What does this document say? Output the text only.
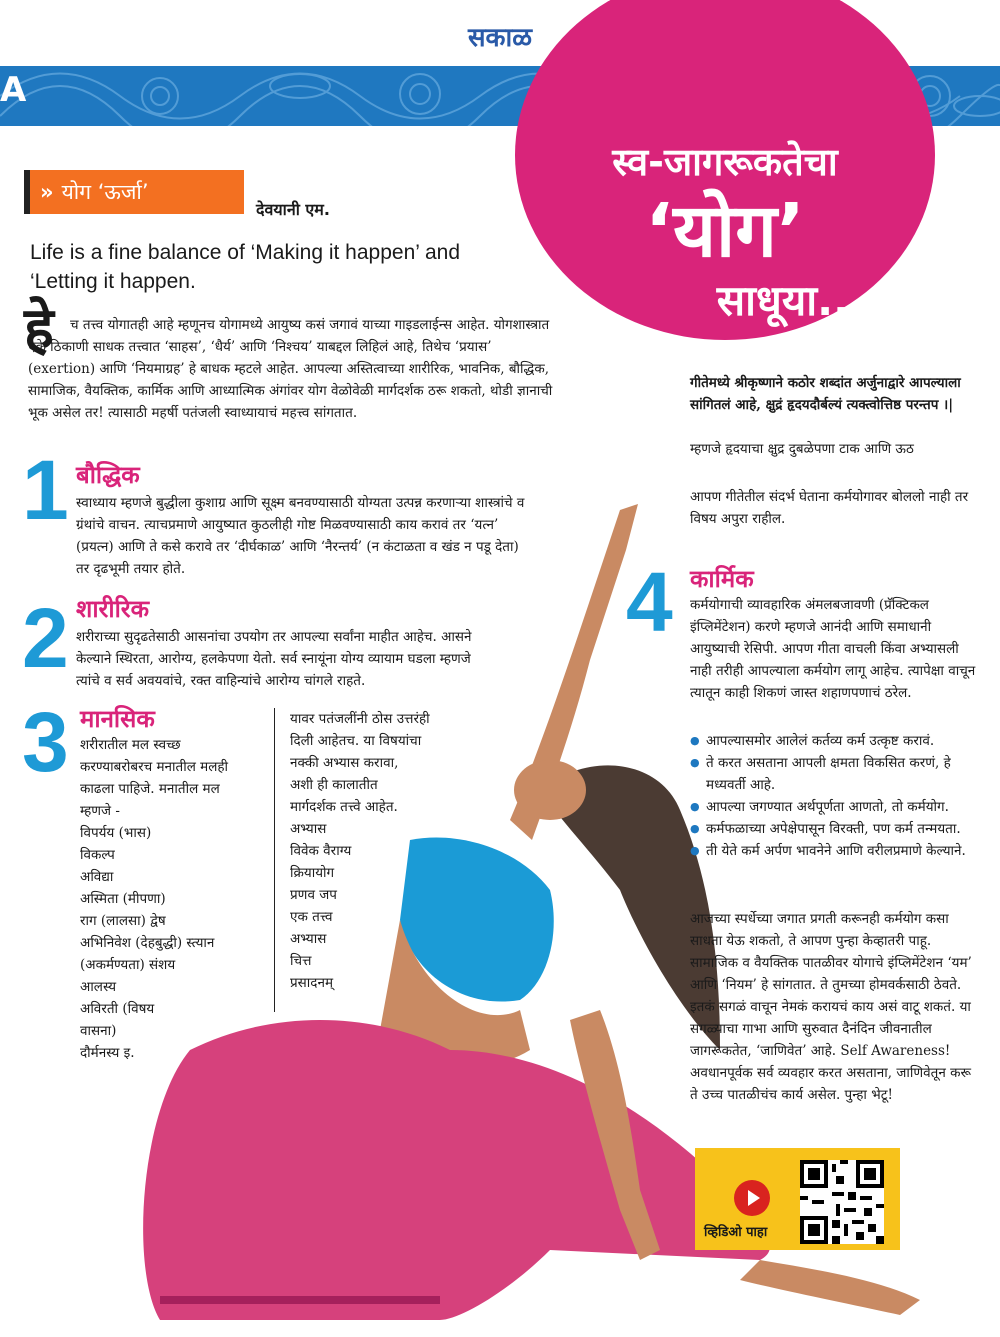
सकाळ
A
स्व-जागरूकतेचा
‘योग’
साधूया...
» योग ‘ऊर्जा’
देवयानी एम.
Life is a fine balance of ‘Making it happen’ and ‘Letting it happen.
हे	च तत्त्व योगातही आहे म्हणूनच योगामध्ये आयुष्य कसं जगावं याच्या गाइडलाईन्स आहेत. योगशास्त्रात एके ठिकाणी साधक तत्त्वात ‘साहस’, ‘धैर्य’ आणि ‘निश्चय’ याबद्दल लिहिलं आहे, तिथेच ‘प्रयास’ (exertion) आणि ‘नियमाग्रह’ हे बाधक म्हटले आहेत. आपल्या अस्तित्वाच्या शारीरिक, भावनिक, बौद्धिक, सामाजिक, वैयक्तिक, कार्मिक आणि आध्यात्मिक अंगांवर योग वेळोवेळी मार्गदर्शक ठरू शकतो, थोडी ज्ञानाची भूक असेल तर! त्यासाठी महर्षी पतंजली स्वाध्यायाचं महत्त्व सांगतात.
1 बौद्धिक
स्वाध्याय म्हणजे बुद्धीला कुशाग्र आणि सूक्ष्म बनवण्यासाठी योग्यता उत्पन्न करणाऱ्या शास्त्रांचे व ग्रंथांचे वाचन. त्याचप्रमाणे आयुष्यात कुठलीही गोष्ट मिळवण्यासाठी काय करावं तर ‘यत्न’ (प्रयत्न) आणि ते कसे करावे तर ‘दीर्घकाळ’ आणि ‘नैरन्तर्य’ (न कंटाळता व खंड न पडू देता) तर दृढभूमी तयार होते.
2 शारीरिक
शरीराच्या सुदृढतेसाठी आसनांचा उपयोग तर आपल्या सर्वांना माहीत आहेच. आसने केल्याने स्थिरता, आरोग्य, हलकेपणा येतो. सर्व स्नायूंना योग्य व्यायाम घडला म्हणजे त्यांचे व सर्व अवयवांचे, रक्त वाहिन्यांचे आरोग्य चांगले राहते.
3 मानसिक
शरीरातील मल स्वच्छ
करण्याबरोबरच मनातील मलही
काढला पाहिजे. मनातील मल
म्हणजे -
विपर्यय (भास)
विकल्प
अविद्या
अस्मिता (मीपणा)
राग (लालसा) द्वेष
अभिनिवेश (देहबुद्धी) स्त्यान
(अकर्मण्यता) संशय
आलस्य
अविरती (विषय
वासना)
दौर्मनस्य इ.
यावर पतंजलींनी ठोस उत्तरंही
दिली आहेतच. या विषयांचा
नक्की अभ्यास करावा,
अशी ही कालातीत
मार्गदर्शक तत्त्वे आहेत.
अभ्यास
विवेक वैराग्य
क्रियायोग
प्रणव जप
एक तत्त्व
अभ्यास
चित्त
प्रसादनम्
गीतेमध्ये श्रीकृष्णाने कठोर शब्दांत अर्जुनाद्वारे आपल्याला सांगितलं आहे, क्षुद्रं हृदयदौर्बल्यं त्यक्त्वोत्तिष्ठ परन्तप ।|
म्हणजे हृदयाचा क्षुद्र दुबळेपणा टाक आणि ऊठ
आपण गीतेतील संदर्भ घेताना कर्मयोगावर बोललो नाही तर विषय अपुरा राहील.
4 कार्मिक
कर्मयोगाची व्यावहारिक अंमलबजावणी (प्रॅक्टिकल इंप्लिमेंटेशन) करणे म्हणजे आनंदी आणि समाधानी आयुष्याची रेसिपी. आपण गीता वाचली किंवा अभ्यासली नाही तरीही आपल्याला कर्मयोग लागू आहेच. त्यापेक्षा वाचून त्यातून काही शिकणं जास्त शहाणपणाचं ठरेल.
● आपल्यासमोर आलेलं कर्तव्य कर्म उत्कृष्ट करावं.
● ते करत असताना आपली क्षमता विकसित करणं, हे मध्यवर्ती आहे.
● आपल्या जगण्यात अर्थपूर्णता आणतो, तो कर्मयोग.
● कर्मफळाच्या अपेक्षेपासून विरक्ती, पण कर्म तन्मयता.
● ती येते कर्म अर्पण भावनेने आणि वरीलप्रमाणे केल्याने.
आजच्या स्पर्धेच्या जगात प्रगती करूनही कर्मयोग कसा साधता येऊ शकतो, ते आपण पुन्हा केव्हातरी पाहू. सामाजिक व वैयक्तिक पातळीवर योगाचे इंप्लिमेंटेशन ‘यम’ आणि ‘नियम’ हे सांगतात. ते तुमच्या होमवर्कसाठी ठेवते. इतकं सगळं वाचून नेमकं करायचं काय असं वाटू शकतं. या सगळ्याचा गाभा आणि सुरुवात दैनंदिन जीवनातील जागरूकतेत, ‘जाणिवेत’ आहे. Self Awareness! अवधानपूर्वक सर्व व्यवहार करत असताना, जाणिवेतून करू ते उच्च पातळीचंच कार्य असेल. पुन्हा भेटू!
व्हिडिओ पाहा
